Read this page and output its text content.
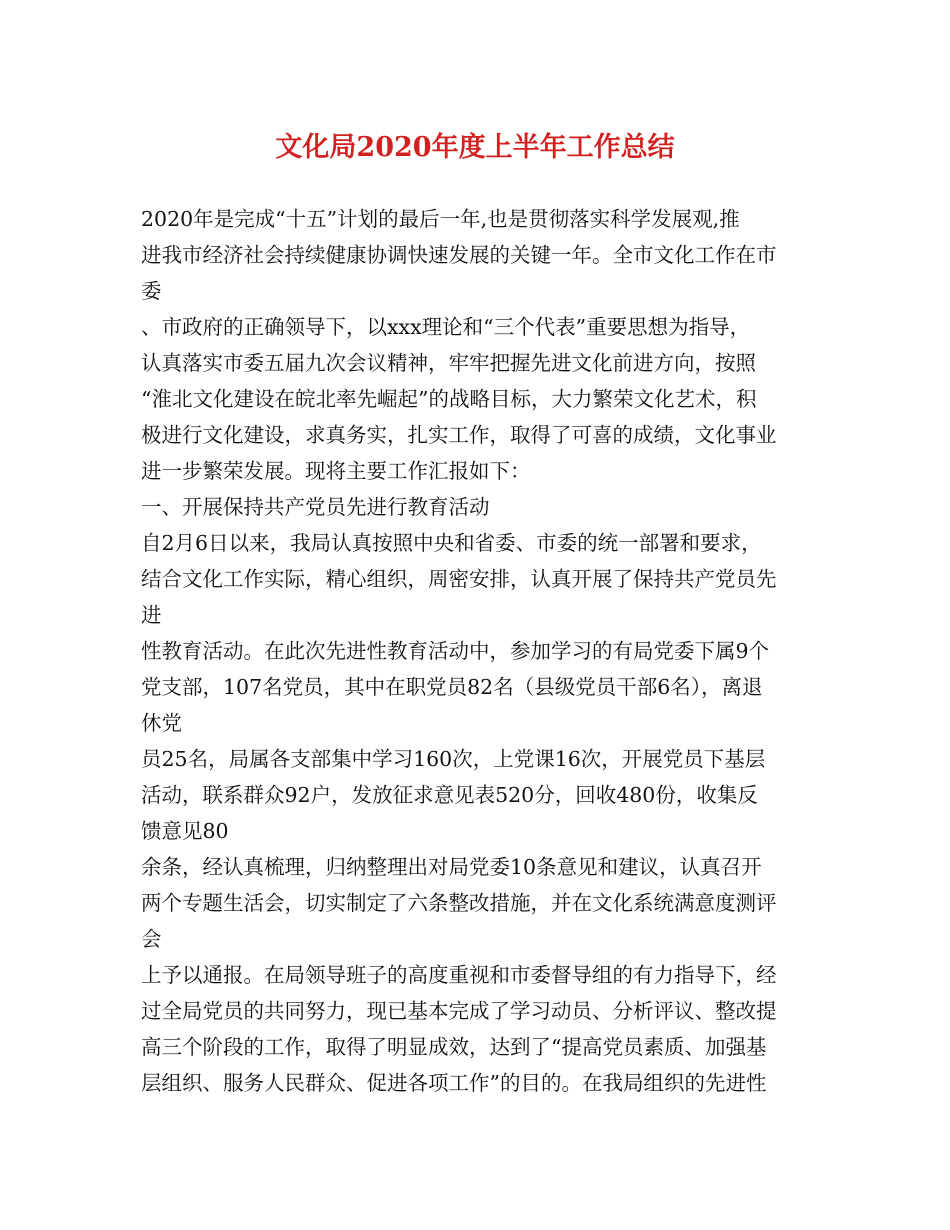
文化局2020年度上半年工作总结
2020年是完成“十五”计划的最后一年,也是贯彻落实科学发展观,推
进我市经济社会持续健康协调快速发展的关键一年。全市文化工作在市
委
、市政府的正确领导下，以xxx理论和“三个代表”重要思想为指导，
认真落实市委五届九次会议精神，牢牢把握先进文化前进方向，按照
“淮北文化建设在皖北率先崛起”的战略目标，大力繁荣文化艺术，积
极进行文化建设，求真务实，扎实工作，取得了可喜的成绩，文化事业
进一步繁荣发展。现将主要工作汇报如下：
一、开展保持共产党员先进行教育活动
自2月6日以来，我局认真按照中央和省委、市委的统一部署和要求，
结合文化工作实际，精心组织，周密安排，认真开展了保持共产党员先
进
性教育活动。在此次先进性教育活动中，参加学习的有局党委下属9个
党支部，107名党员，其中在职党员82名（县级党员干部6名），离退
休党
员25名，局属各支部集中学习160次，上党课16次，开展党员下基层
活动，联系群众92户，发放征求意见表520分，回收480份，收集反
馈意见80
余条，经认真梳理，归纳整理出对局党委10条意见和建议，认真召开
两个专题生活会，切实制定了六条整改措施，并在文化系统满意度测评
会
上予以通报。在局领导班子的高度重视和市委督导组的有力指导下，经
过全局党员的共同努力，现已基本完成了学习动员、分析评议、整改提
高三个阶段的工作，取得了明显成效，达到了“提高党员素质、加强基
层组织、服务人民群众、促进各项工作”的目的。在我局组织的先进性
